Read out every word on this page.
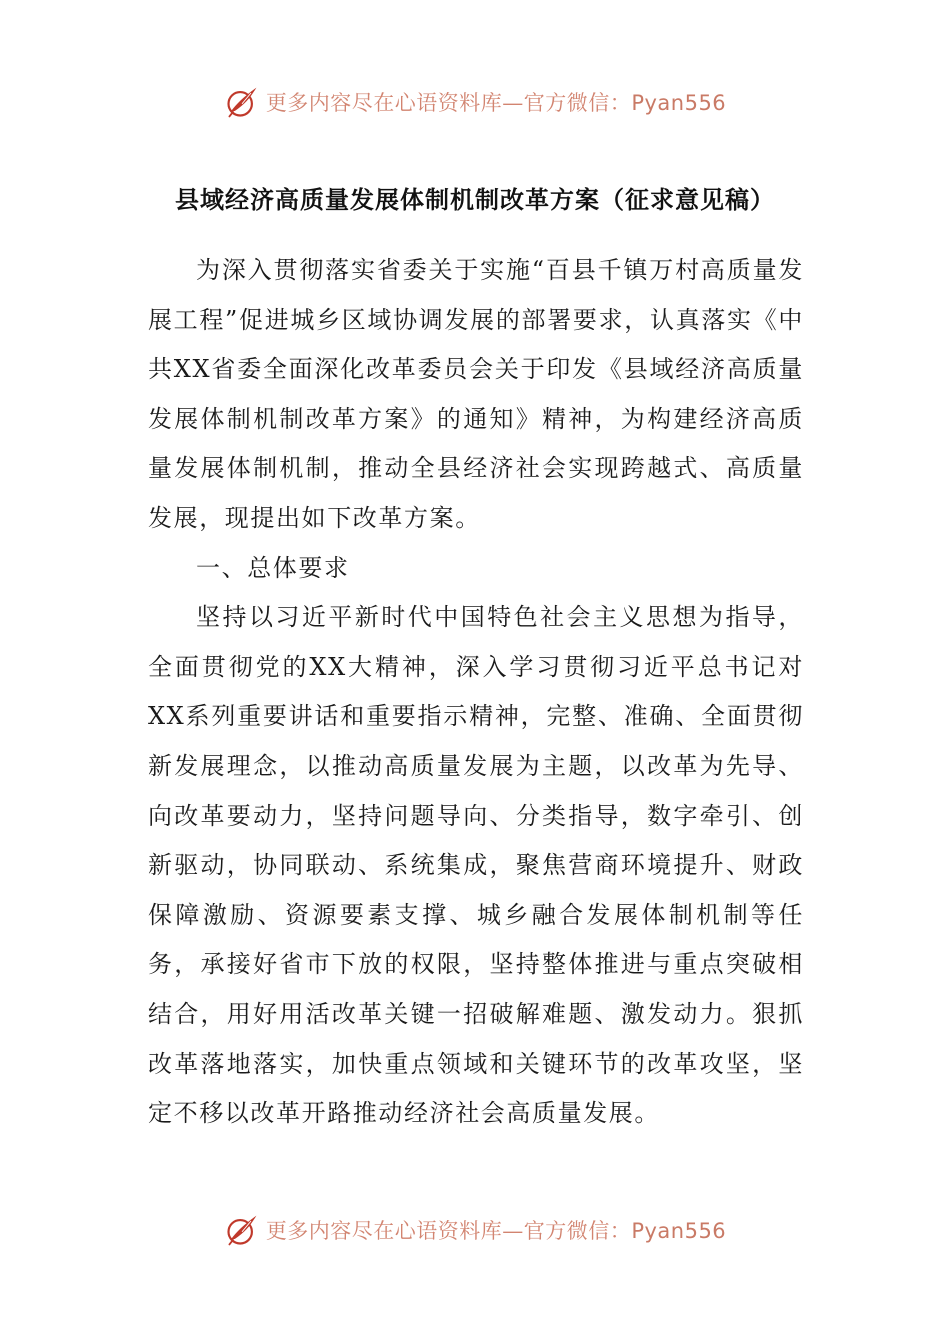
更多内容尽在心语资料库—官方微信：Pyan556
县域经济高质量发展体制机制改革方案（征求意见稿）

为深入贯彻落实省委关于实施“百县千镇万村高质量发展工程”促进城乡区域协调发展的部署要求，认真落实《中共XX省委全面深化改革委员会关于印发《县域经济高质量发展体制机制改革方案》的通知》精神，为构建经济高质量发展体制机制，推动全县经济社会实现跨越式、高质量发展，现提出如下改革方案。

一、总体要求

坚持以习近平新时代中国特色社会主义思想为指导，全面贯彻党的XX大精神，深入学习贯彻习近平总书记对XX系列重要讲话和重要指示精神，完整、准确、全面贯彻新发展理念，以推动高质量发展为主题，以改革为先导、向改革要动力，坚持问题导向、分类指导，数字牵引、创新驱动，协同联动、系统集成，聚焦营商环境提升、财政保障激励、资源要素支撑、城乡融合发展体制机制等任务，承接好省市下放的权限，坚持整体推进与重点突破相结合，用好用活改革关键一招破解难题、激发动力。狠抓改革落地落实，加快重点领域和关键环节的改革攻坚，坚定不移以改革开路推动经济社会高质量发展。

更多内容尽在心语资料库—官方微信：Pyan556
